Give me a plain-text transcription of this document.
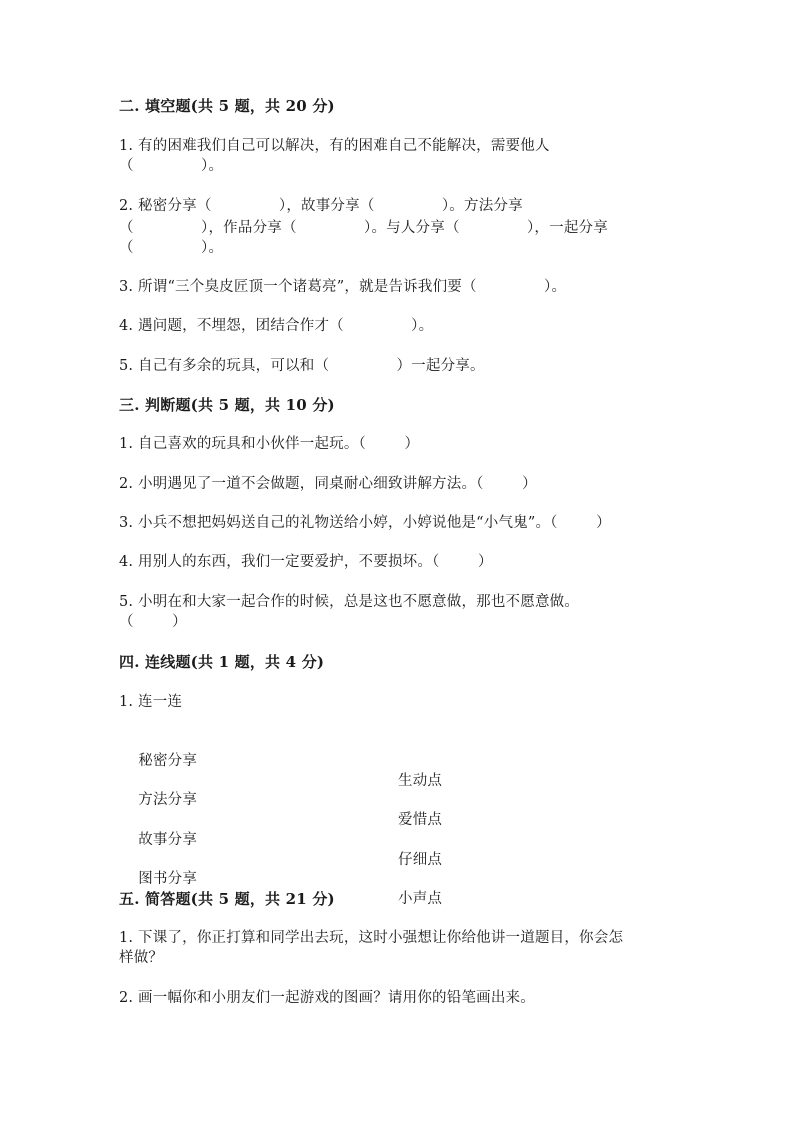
二. 填空题(共 5 题，共 20 分)
1. 有的困难我们自己可以解决，有的困难自己不能解决，需要他人
（              ）。
2. 秘密分享（              ），故事分享（              ）。方法分享
（              ），作品分享（              ）。与人分享（              ），一起分享
（              ）。
3. 所谓“三个臭皮匠顶一个诸葛亮”，就是告诉我们要（              ）。
4. 遇问题，不埋怨，团结合作才（              ）。
5. 自己有多余的玩具，可以和（              ）一起分享。
三. 判断题(共 5 题，共 10 分)
1. 自己喜欢的玩具和小伙伴一起玩。（        ）
2. 小明遇见了一道不会做题，同桌耐心细致讲解方法。（        ）
3. 小兵不想把妈妈送自己的礼物送给小婷，小婷说他是“小气鬼”。（        ）
4. 用别人的东西，我们一定要爱护，不要损坏。（        ）
5. 小明在和大家一起合作的时候，总是这也不愿意做，那也不愿意做。
（        ）
四. 连线题(共 1 题，共 4 分)
1. 连一连

秘密分享

生动点

方法分享

爱惜点

故事分享

仔细点

图书分享

小声点

五. 简答题(共 5 题，共 21 分)
1. 下课了，你正打算和同学出去玩，这时小强想让你给他讲一道题目，你会怎
样做？
2. 画一幅你和小朋友们一起游戏的图画？请用你的铅笔画出来。
